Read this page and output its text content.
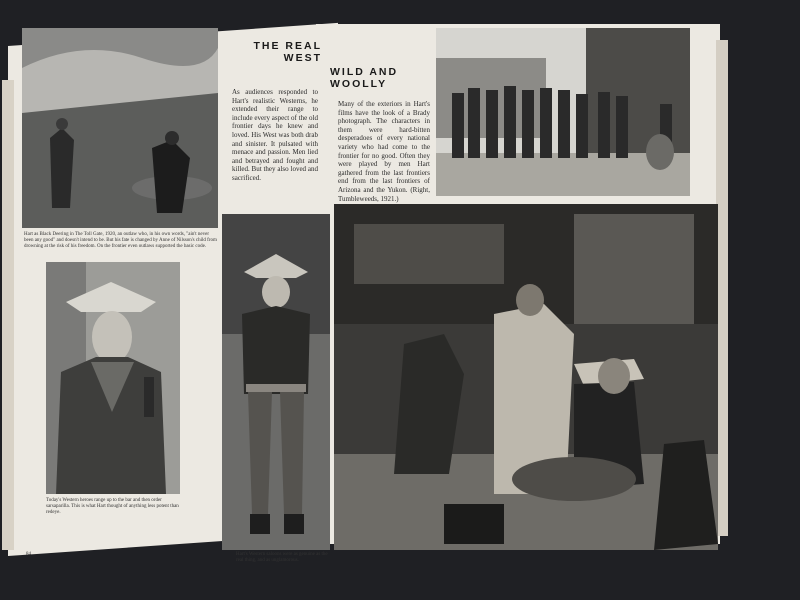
Hart as Black Deering in The Toll Gate, 1920, an outlaw who, in his own words, "ain't never been any good" and doesn't intend to be. But his fate is changed by Anne of Nilsson's child from drowning at the risk of his freedom. On the frontier even outlaws supported the basic code.
THE REAL WEST
As audiences responded to Hart's realistic Westerns, he extended their range to include every aspect of the old frontier days he knew and loved. His West was both drab and sinister. It pulsated with menace and passion. Men lied and betrayed and fought and killed. But they also loved and sacrificed.
Today's Western heroes range up to the bar and then order sarsaparilla. This is what Hart thought of anything less potent than redeye.
Hart's Western saloons were as genuine as the real thing, and as unglamorous.
84
WILD AND WOOLLY
Many of the exteriors in Hart's films have the look of a Brady photograph. The characters in them were hard-bitten desperadoes of every national variety who had come to the frontier for no good. Often they were played by men Hart gathered from the last frontiers end from the last frontiers of Arizona and the Yukon. (Right, Tumbleweeds, 1921.)
